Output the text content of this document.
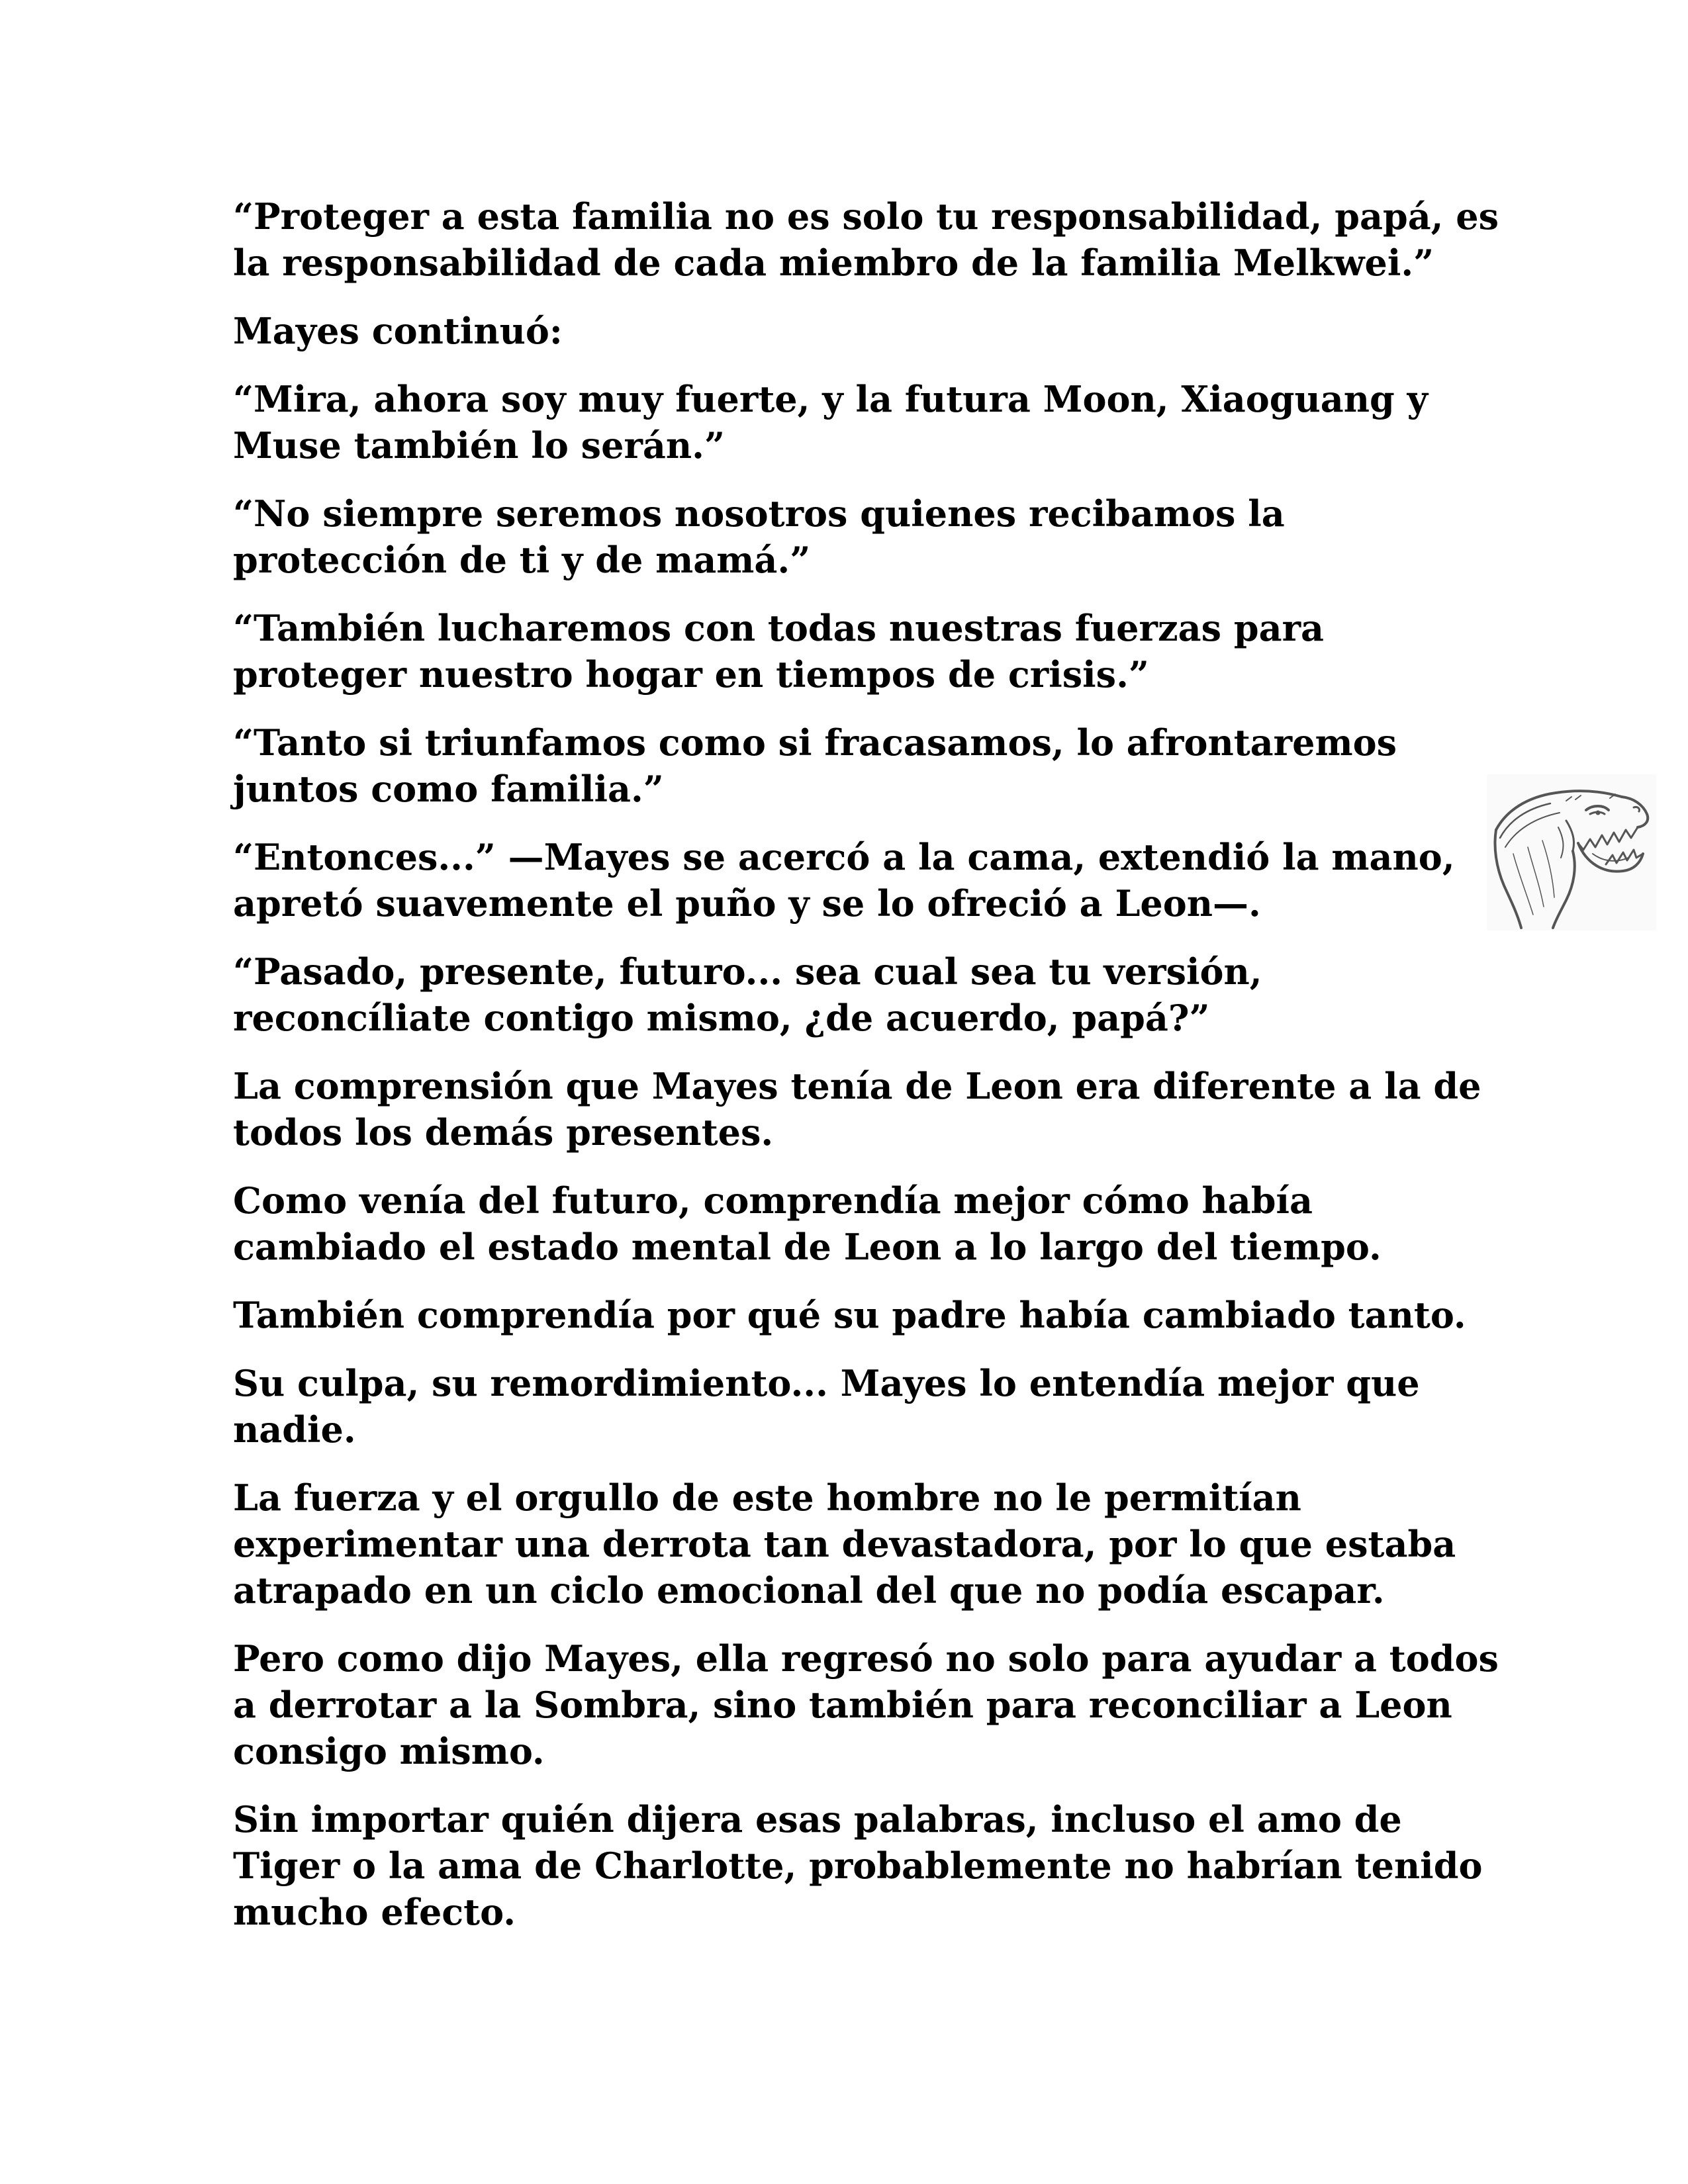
“Proteger a esta familia no es solo tu responsabilidad, papá, es
la responsabilidad de cada miembro de la familia Melkwei.”

Mayes continuó:

“Mira, ahora soy muy fuerte, y la futura Moon, Xiaoguang y
Muse también lo serán.”

“No siempre seremos nosotros quienes recibamos la
protección de ti y de mamá.”

“También lucharemos con todas nuestras fuerzas para
proteger nuestro hogar en tiempos de crisis.”

“Tanto si triunfamos como si fracasamos, lo afrontaremos
juntos como familia.”

“Entonces...” —Mayes se acercó a la cama, extendió la mano,
apretó suavemente el puño y se lo ofreció a Leon—.

“Pasado, presente, futuro... sea cual sea tu versión,
reconcíliate contigo mismo, ¿de acuerdo, papá?”

La comprensión que Mayes tenía de Leon era diferente a la de
todos los demás presentes.

Como venía del futuro, comprendía mejor cómo había
cambiado el estado mental de Leon a lo largo del tiempo.

También comprendía por qué su padre había cambiado tanto.

Su culpa, su remordimiento... Mayes lo entendía mejor que
nadie.

La fuerza y el orgullo de este hombre no le permitían
experimentar una derrota tan devastadora, por lo que estaba
atrapado en un ciclo emocional del que no podía escapar.

Pero como dijo Mayes, ella regresó no solo para ayudar a todos
a derrotar a la Sombra, sino también para reconciliar a Leon
consigo mismo.

Sin importar quién dijera esas palabras, incluso el amo de
Tiger o la ama de Charlotte, probablemente no habrían tenido
mucho efecto.
